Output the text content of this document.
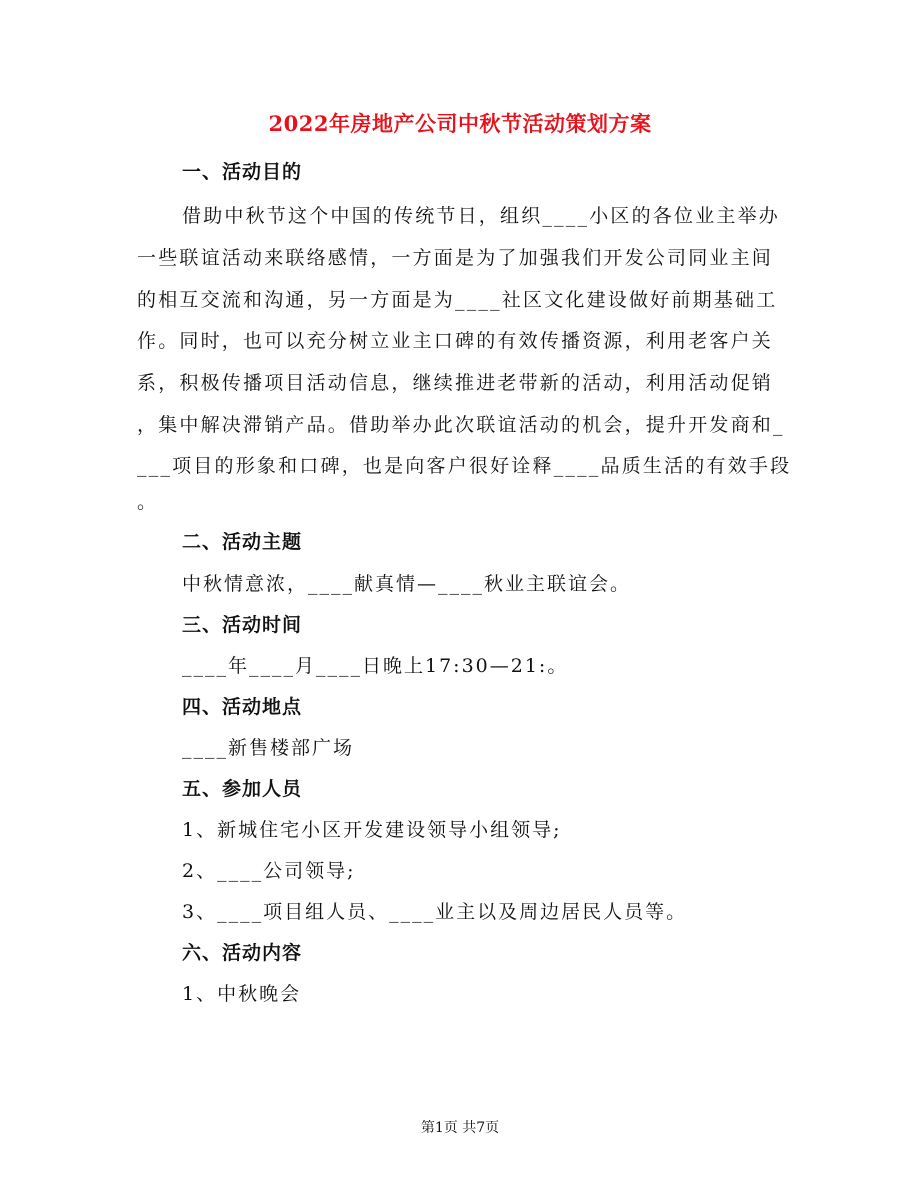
2022年房地产公司中秋节活动策划方案
一、活动目的
借助中秋节这个中国的传统节日，组织____小区的各位业主举办
一些联谊活动来联络感情，一方面是为了加强我们开发公司同业主间
的相互交流和沟通，另一方面是为____社区文化建设做好前期基础工
作。同时，也可以充分树立业主口碑的有效传播资源，利用老客户关
系，积极传播项目活动信息，继续推进老带新的活动，利用活动促销
，集中解决滞销产品。借助举办此次联谊活动的机会，提升开发商和_
___项目的形象和口碑，也是向客户很好诠释____品质生活的有效手段
。
二、活动主题
中秋情意浓，____献真情—____秋业主联谊会。
三、活动时间
____年____月____日晚上17:30—21:。
四、活动地点
____新售楼部广场
五、参加人员
1、新城住宅小区开发建设领导小组领导;
2、____公司领导;
3、____项目组人员、____业主以及周边居民人员等。
六、活动内容
1、中秋晚会
第1页 共7页
